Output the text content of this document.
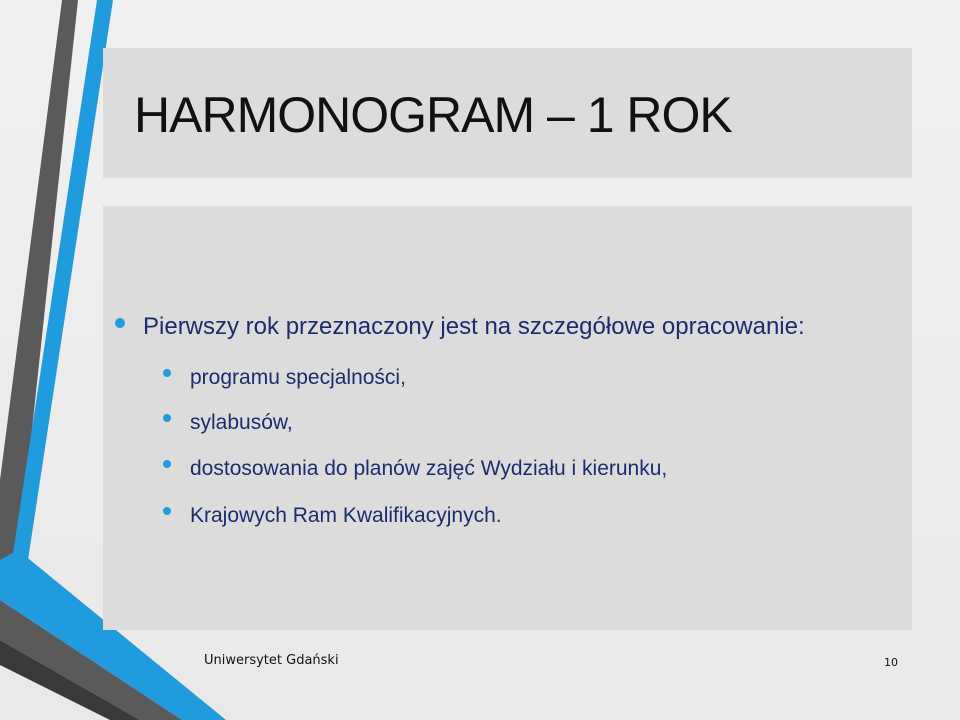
HARMONOGRAM – 1 ROK
Pierwszy rok przeznaczony jest na szczegółowe opracowanie:
programu specjalności,
sylabusów,
dostosowania do planów zajęć Wydziału i kierunku,
Krajowych Ram Kwalifikacyjnych.
Uniwersytet Gdański	10
